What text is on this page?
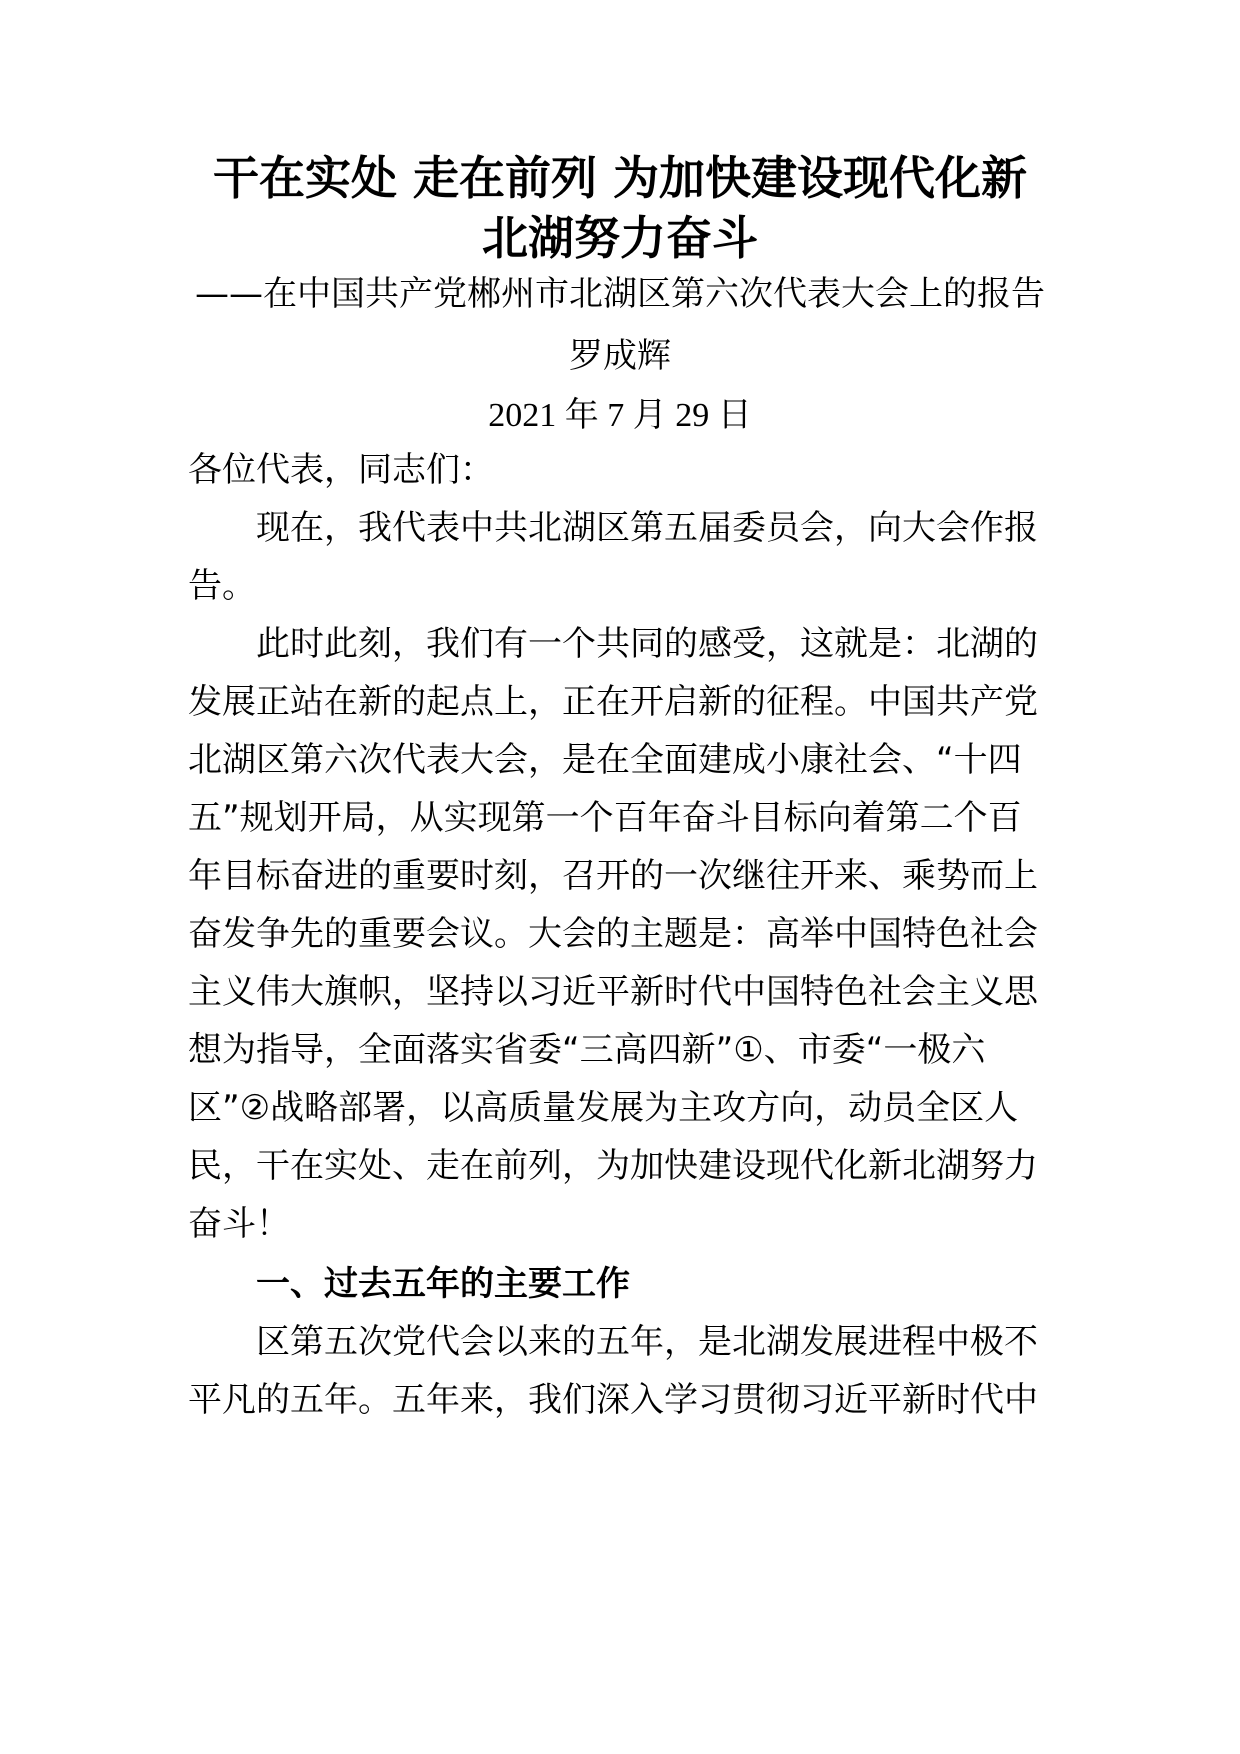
干在实处 走在前列 为加快建设现代化新
北湖努力奋斗
——在中国共产党郴州市北湖区第六次代表大会上的报告
罗成辉
2021 年 7 月 29 日
各位代表，同志们：
现在，我代表中共北湖区第五届委员会，向大会作报
告。
此时此刻，我们有一个共同的感受，这就是：北湖的
发展正站在新的起点上，正在开启新的征程。中国共产党
北湖区第六次代表大会，是在全面建成小康社会、“十四
五”规划开局，从实现第一个百年奋斗目标向着第二个百
年目标奋进的重要时刻，召开的一次继往开来、乘势而上
奋发争先的重要会议。大会的主题是：高举中国特色社会
主义伟大旗帜，坚持以习近平新时代中国特色社会主义思
想为指导，全面落实省委“三高四新”①、市委“一极六
区”②战略部署，以高质量发展为主攻方向，动员全区人
民，干在实处、走在前列，为加快建设现代化新北湖努力
奋斗！
一、过去五年的主要工作
区第五次党代会以来的五年，是北湖发展进程中极不
平凡的五年。五年来，我们深入学习贯彻习近平新时代中
